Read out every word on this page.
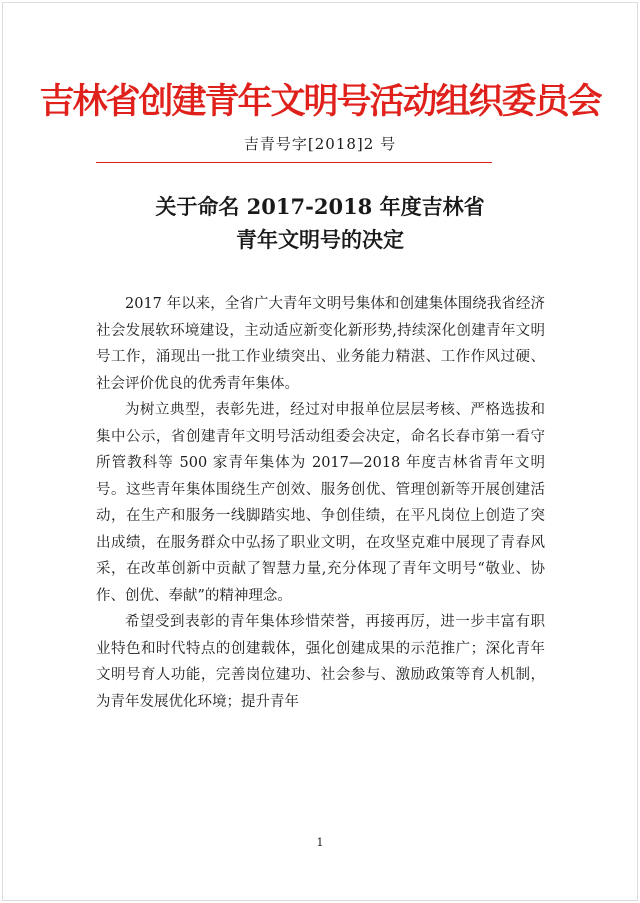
吉林省创建青年文明号活动组织委员会
吉青号字[2018]2 号
关于命名 2017-2018 年度吉林省
青年文明号的决定

2017 年以来，全省广大青年文明号集体和创建集体围绕我省经济社会发展软环境建设，主动适应新变化新形势,持续深化创建青年文明号工作，涌现出一批工作业绩突出、业务能力精湛、工作作风过硬、社会评价优良的优秀青年集体。

为树立典型，表彰先进，经过对申报单位层层考核、严格选拔和集中公示，省创建青年文明号活动组委会决定，命名长春市第一看守所管教科等 500 家青年集体为 2017—2018 年度吉林省青年文明号。这些青年集体围绕生产创效、服务创优、管理创新等开展创建活动，在生产和服务一线脚踏实地、争创佳绩，在平凡岗位上创造了突出成绩，在服务群众中弘扬了职业文明，在攻坚克难中展现了青春风采，在改革创新中贡献了智慧力量,充分体现了青年文明号“敬业、协作、创优、奉献”的精神理念。

希望受到表彰的青年集体珍惜荣誉，再接再厉，进一步丰富有职业特色和时代特点的创建载体，强化创建成果的示范推广；深化青年文明号育人功能，完善岗位建功、社会参与、激励政策等育人机制，为青年发展优化环境；提升青年

1
